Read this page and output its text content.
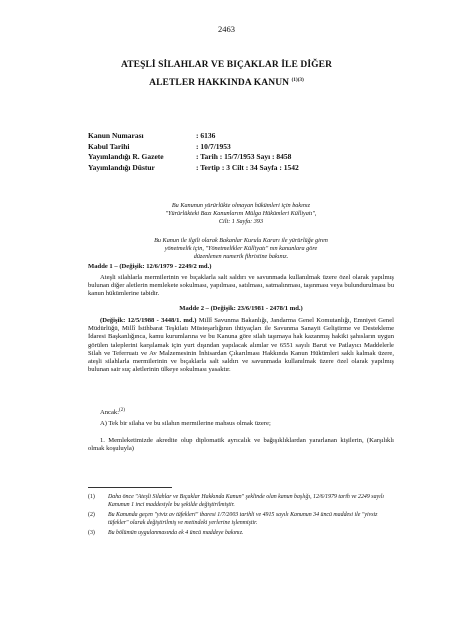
2463
ATEŞLİ SİLAHLAR VE BIÇAKLAR İLE DİĞER
ALETLER HAKKINDA KANUN $^{(1)(3)}$
Kanun Numarası	: 6136
Kabul Tarihi	: 10/7/1953
Yayımlandığı R. Gazete	: Tarih : 15/7/1953 Sayı : 8458
Yayımlandığı Düstur	: Tertip : 3 Cilt : 34 Sayfa : 1542
Bu Kanunun yürürlükte olmayan hükümleri için bakınız
"Yürürlükteki Bazı Kanunlarını Mülga Hükümleri Külliyatı",
Cilt: 1 Sayfa: 393
Bu Kanun ile ilgili olarak Bakanlar Kurulu Kararı ile yürürlüğe giren
yönetmelik için, "Yönetmelikler Külliyatı" nın kanunlara göre
düzenlenen numerik fihristine bakınız.
Madde 1 – (Değişik: 12/6/1979 - 2249/2 md.)
Ateşli silahlarla mermilerinin ve bıçaklarla salt saldırı ve savunmada kullanılmak üzere özel olarak yapılmış bulunan diğer aletlerin memlekete sokulması, yapılması, satılması, satmalınması, taşınması veya bulundurulması bu kanun hükümlerine tabidir.
Madde 2 – (Değişik: 23/6/1981 - 2478/1 md.)
(Değişik: 12/5/1988 - 3448/1. md.) Millî Savunma Bakanlığı, Jandarma Genel Komutanlığı, Emniyet Genel Müdürlüğü, Millî İstihbarat Teşkilatı Müsteşarlığının ihtiyaçları ile Savunma Sanayii Geliştirme ve Destekleme İdaresi Başkanlığınca, kamu kurumlarına ve bu Kanuna göre silah taşımaya hak kazanmış hakiki şahısların uygun görülen taleplerini karşılamak için yurt dışından yapılacak alımlar ve 6551 sayılı Barut ve Patlayıcı Maddelerle Silah ve Teferruatı ve Av Malzemesinin İnhisardan Çıkarılması Hakkında Kanun Hükümleri saklı kalmak üzere, ateşli silahlarla mermilerinin ve bıçaklarla salt saldırı ve savunmada kullanılmak üzere özel olarak yapılmış bulunan sair suç aletlerinin ülkeye sokulması yasaktır.
Ancak:$^{(2)}$
A) Tek bir silaha ve bu silahın mermilerine mahsus olmak üzere;
1. Memleketimizde akredite olup diplomatik ayrıcalık ve bağışıklıklardan yararlanan kişilerin, (Karşılıklı olmak koşuluyla)
(1)	Daha önce "Ateşli Silahlar ve Bıçaklar Hakkında Kanun" şeklinde olan kanun başlığı, 12/6/1979 tarih ve 2249 sayılı Kanunun 1 inci maddesiyle bu şekilde değiştirilmiştir.
(2)	Bu Kanunda geçen "yiviz av tüfekleri" ibaresi 1/7/2003 tarihli ve 4915 sayılı Kanunun 34 üncü maddesi ile "yivsiz tüfekler" olarak değiştirilmiş ve metindeki yerlerine işlenmiştir.
(3)	Bu bölümün uygulanmasında ek 4 üncü maddeye bakınız.
